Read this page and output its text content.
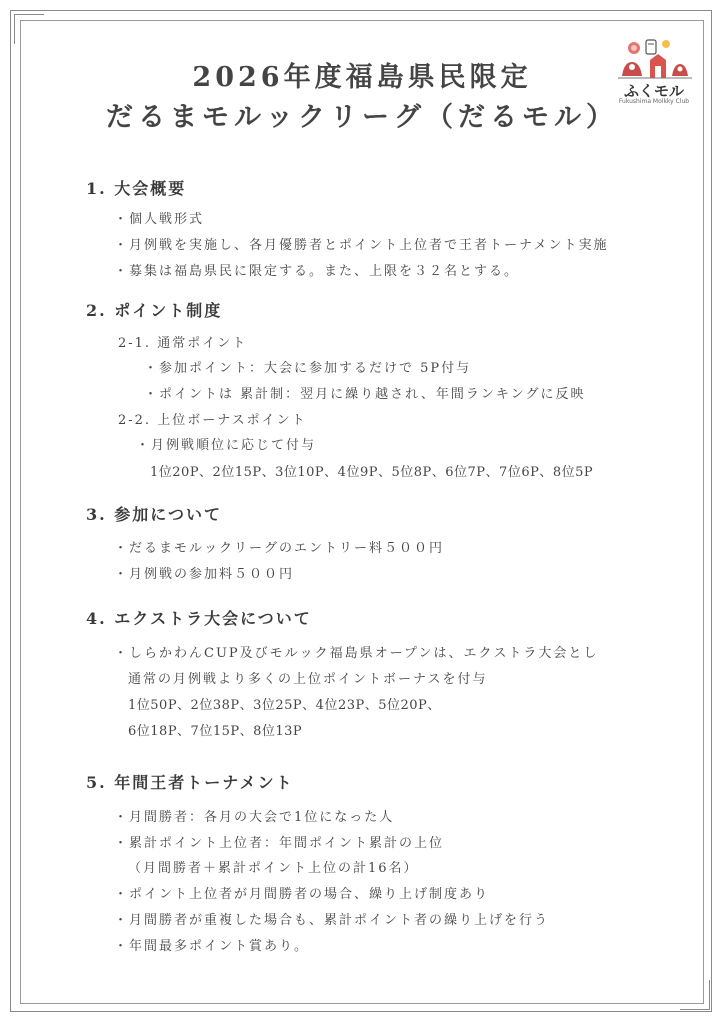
2026年度福島県民限定
だるまモルックリーグ（だるモル）
ふくモル
Fukushima Molkky Club
1. 大会概要
・個人戦形式
・月例戦を実施し、各月優勝者とポイント上位者で王者トーナメント実施
・募集は福島県民に限定する。また、上限を３２名とする。
2. ポイント制度
2-1. 通常ポイント
・参加ポイント：大会に参加するだけで 5P付与
・ポイントは 累計制：翌月に繰り越され、年間ランキングに反映
2-2. 上位ボーナスポイント
・月例戦順位に応じて付与
1位20P、2位15P、3位10P、4位9P、5位8P、6位7P、7位6P、8位5P
3. 参加について
・だるまモルックリーグのエントリー料５００円
・月例戦の参加料５００円
4. エクストラ大会について
・しらかわんCUP及びモルック福島県オープンは、エクストラ大会とし
通常の月例戦より多くの上位ポイントボーナスを付与
1位50P、2位38P、3位25P、4位23P、5位20P、
6位18P、7位15P、8位13P
5. 年間王者トーナメント
・月間勝者：各月の大会で1位になった人
・累計ポイント上位者：年間ポイント累計の上位
（月間勝者＋累計ポイント上位の計16名）
・ポイント上位者が月間勝者の場合、繰り上げ制度あり
・月間勝者が重複した場合も、累計ポイント者の繰り上げを行う
・年間最多ポイント賞あり。
